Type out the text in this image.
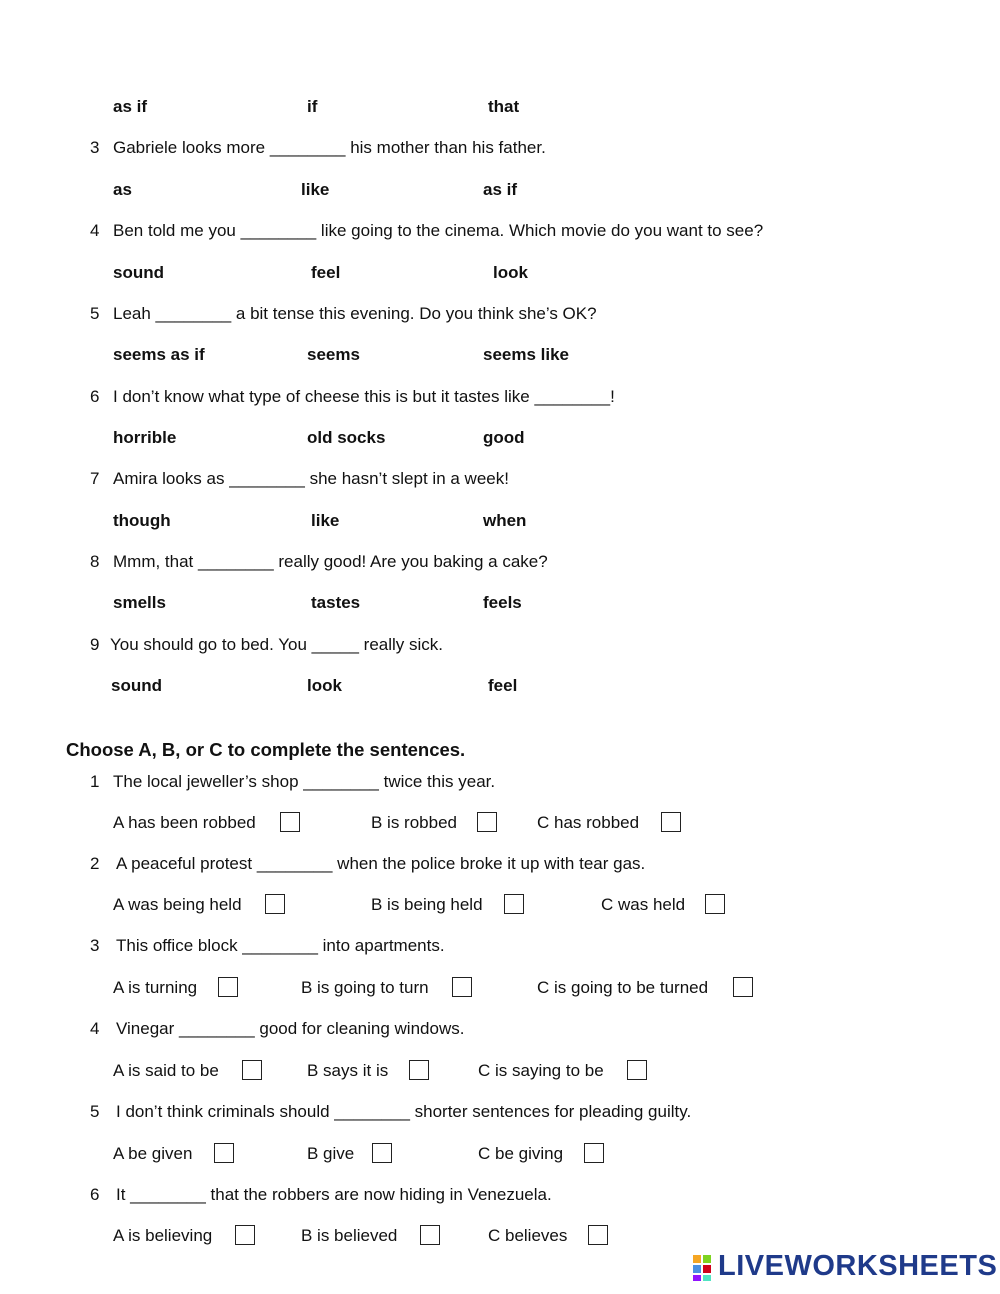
as if	if	that
3 Gabriele looks more ________ his mother than his father.
as	like	as if
4 Ben told me you ________ like going to the cinema. Which movie do you want to see?
sound	feel	look
5 Leah ________ a bit tense this evening. Do you think she’s OK?
seems as if	seems	seems like
6 I don’t know what type of cheese this is but it tastes like ________!
horrible	old socks	good
7 Amira looks as ________ she hasn’t slept in a week!
though	like	when
8 Mmm, that ________ really good! Are you baking a cake?
smells	tastes	feels
9 You should go to bed. You _____ really sick.
sound	look	feel
Choose A, B, or C to complete the sentences.
1 The local jeweller’s shop ________ twice this year.
A has been robbed	B is robbed	C has robbed
2 A peaceful protest ________ when the police broke it up with tear gas.
A was being held	B is being held	C was held
3 This office block ________ into apartments.
A is turning	B is going to turn	C is going to be turned
4 Vinegar ________ good for cleaning windows.
A is said to be	B says it is	C is saying to be
5 I don’t think criminals should ________ shorter sentences for pleading guilty.
A be given	B give	C be giving
6 It ________ that the robbers are now hiding in Venezuela.
A is believing	B is believed	C believes
LIVEWORKSHEETS
